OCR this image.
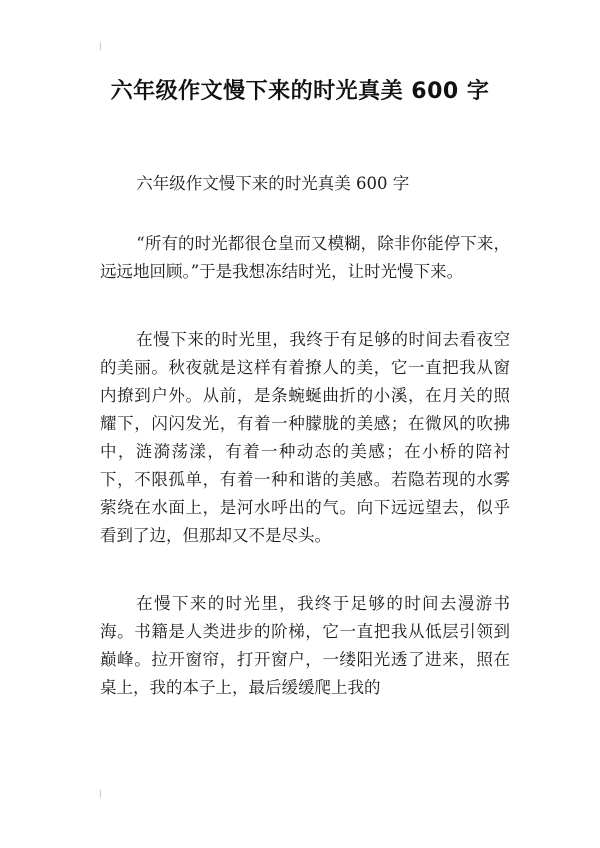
六年级作文慢下来的时光真美 600 字

六年级作文慢下来的时光真美 600 字

“所有的时光都很仓皇而又模糊，除非你能停下来，远远地回顾。”于是我想冻结时光，让时光慢下来。

在慢下来的时光里，我终于有足够的时间去看夜空的美丽。秋夜就是这样有着撩人的美，它一直把我从窗内撩到户外。从前，是条蜿蜒曲折的小溪，在月关的照耀下，闪闪发光，有着一种朦胧的美感；在微风的吹拂中，涟漪荡漾，有着一种动态的美感；在小桥的陪衬下，不限孤单，有着一种和谐的美感。若隐若现的水雾萦绕在水面上，是河水呼出的气。向下远远望去，似乎看到了边，但那却又不是尽头。

在慢下来的时光里，我终于足够的时间去漫游书海。书籍是人类进步的阶梯，它一直把我从低层引领到巅峰。拉开窗帘，打开窗户，一缕阳光透了进来，照在桌上，我的本子上，最后缓缓爬上我的
